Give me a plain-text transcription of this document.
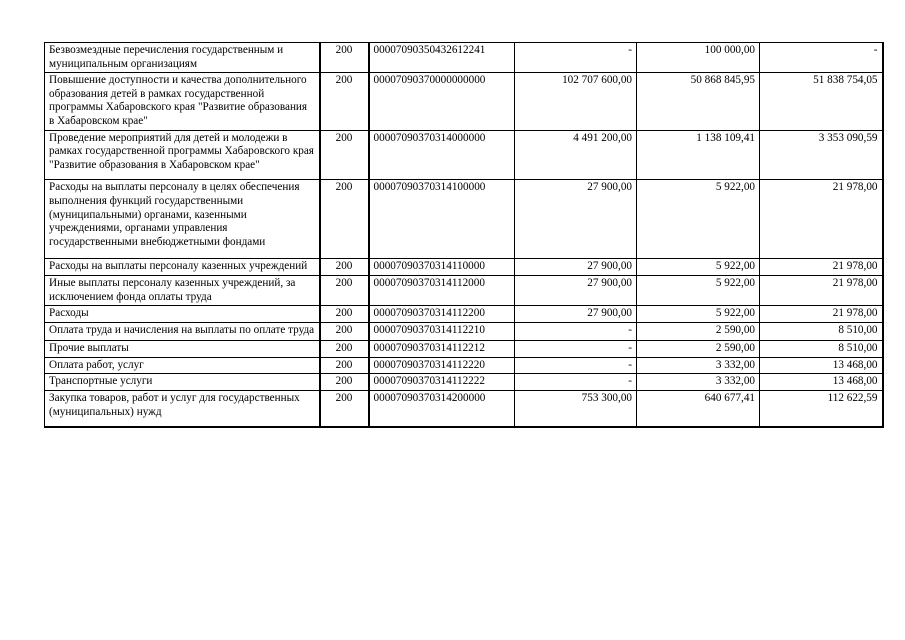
Безвозмездные перечисления государственным и муниципальным организациям	200	00007090350432612241	-	100 000,00	-
Повышение доступности и качества дополнительного образования детей в рамках государственной программы Хабаровского края "Развитие образования в Хабаровском крае"	200	00007090370000000000	102 707 600,00	50 868 845,95	51 838 754,05
Проведение мероприятий для детей и молодежи в рамках государственной программы Хабаровского края "Развитие образования в Хабаровском крае"	200	00007090370314000000	4 491 200,00	1 138 109,41	3 353 090,59
Расходы на выплаты персоналу в целях обеспечения выполнения функций государственными (муниципальными) органами, казенными учреждениями, органами управления государственными внебюджетными фондами	200	00007090370314100000	27 900,00	5 922,00	21 978,00
Расходы на выплаты персоналу казенных учреждений	200	00007090370314110000	27 900,00	5 922,00	21 978,00
Иные выплаты персоналу казенных учреждений, за исключением фонда оплаты труда	200	00007090370314112000	27 900,00	5 922,00	21 978,00
Расходы	200	00007090370314112200	27 900,00	5 922,00	21 978,00
Оплата труда и начисления на выплаты по оплате труда	200	00007090370314112210	-	2 590,00	8 510,00
Прочие выплаты	200	00007090370314112212	-	2 590,00	8 510,00
Оплата работ, услуг	200	00007090370314112220	-	3 332,00	13 468,00
Транспортные услуги	200	00007090370314112222	-	3 332,00	13 468,00
Закупка товаров, работ и услуг для государственных (муниципальных) нужд	200	00007090370314200000	753 300,00	640 677,41	112 622,59
